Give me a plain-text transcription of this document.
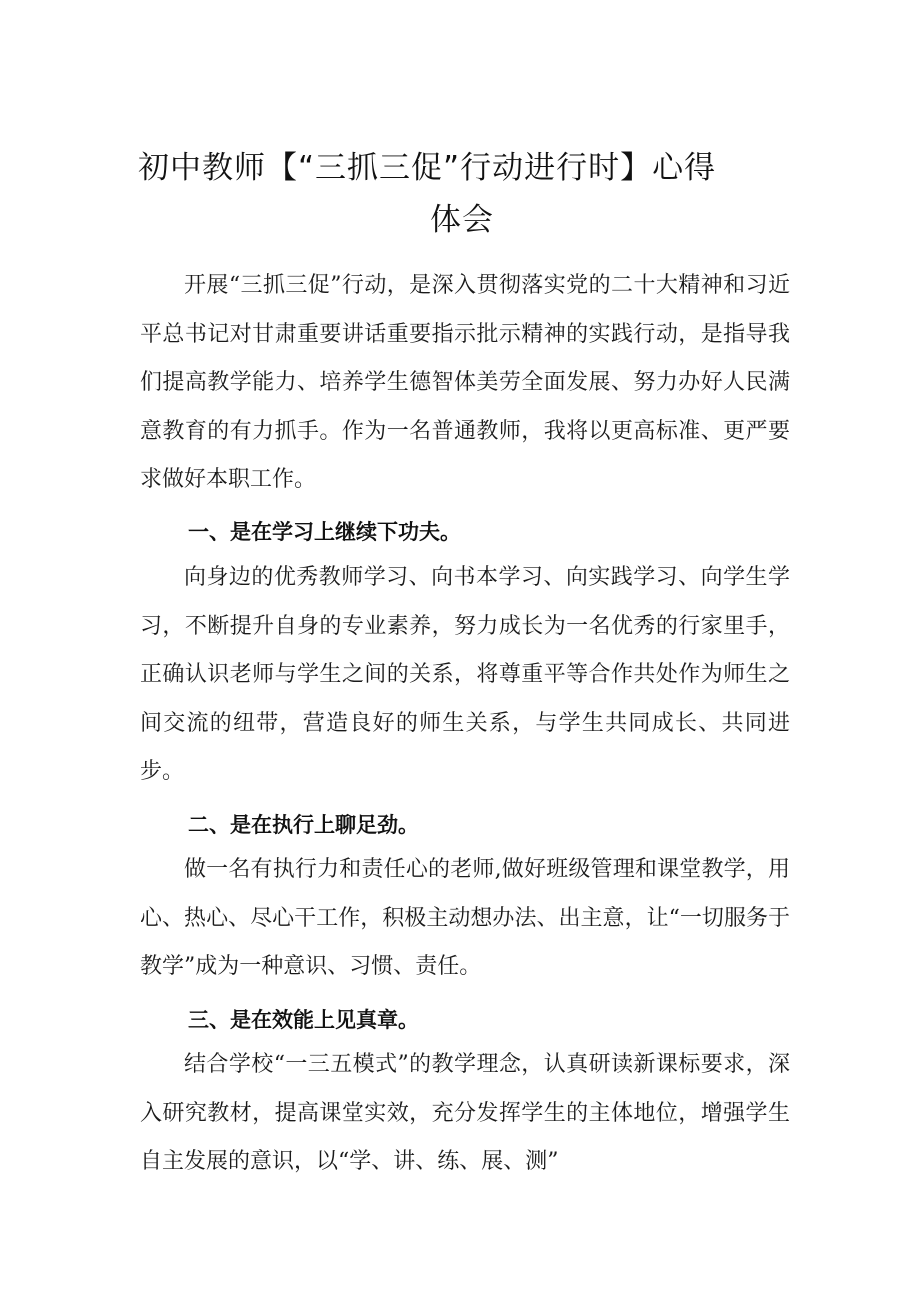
初中教师【“三抓三促”行动进行时】心得
体会

开展“三抓三促”行动，是深入贯彻落实党的二十大精神和习近平总书记对甘肃重要讲话重要指示批示精神的实践行动，是指导我们提高教学能力、培养学生德智体美劳全面发展、努力办好人民满意教育的有力抓手。作为一名普通教师，我将以更高标准、更严要求做好本职工作。

一、是在学习上继续下功夫。

向身边的优秀教师学习、向书本学习、向实践学习、向学生学习，不断提升自身的专业素养，努力成长为一名优秀的行家里手，正确认识老师与学生之间的关系，将尊重平等合作共处作为师生之间交流的纽带，营造良好的师生关系，与学生共同成长、共同进步。

二、是在执行上聊足劲。

做一名有执行力和责任心的老师,做好班级管理和课堂教学，用心、热心、尽心干工作，积极主动想办法、出主意，让“一切服务于教学”成为一种意识、习惯、责任。

三、是在效能上见真章。

结合学校“一三五模式”的教学理念，认真研读新课标要求，深入研究教材，提高课堂实效，充分发挥学生的主体地位，增强学生自主发展的意识，以“学、讲、练、展、测”
